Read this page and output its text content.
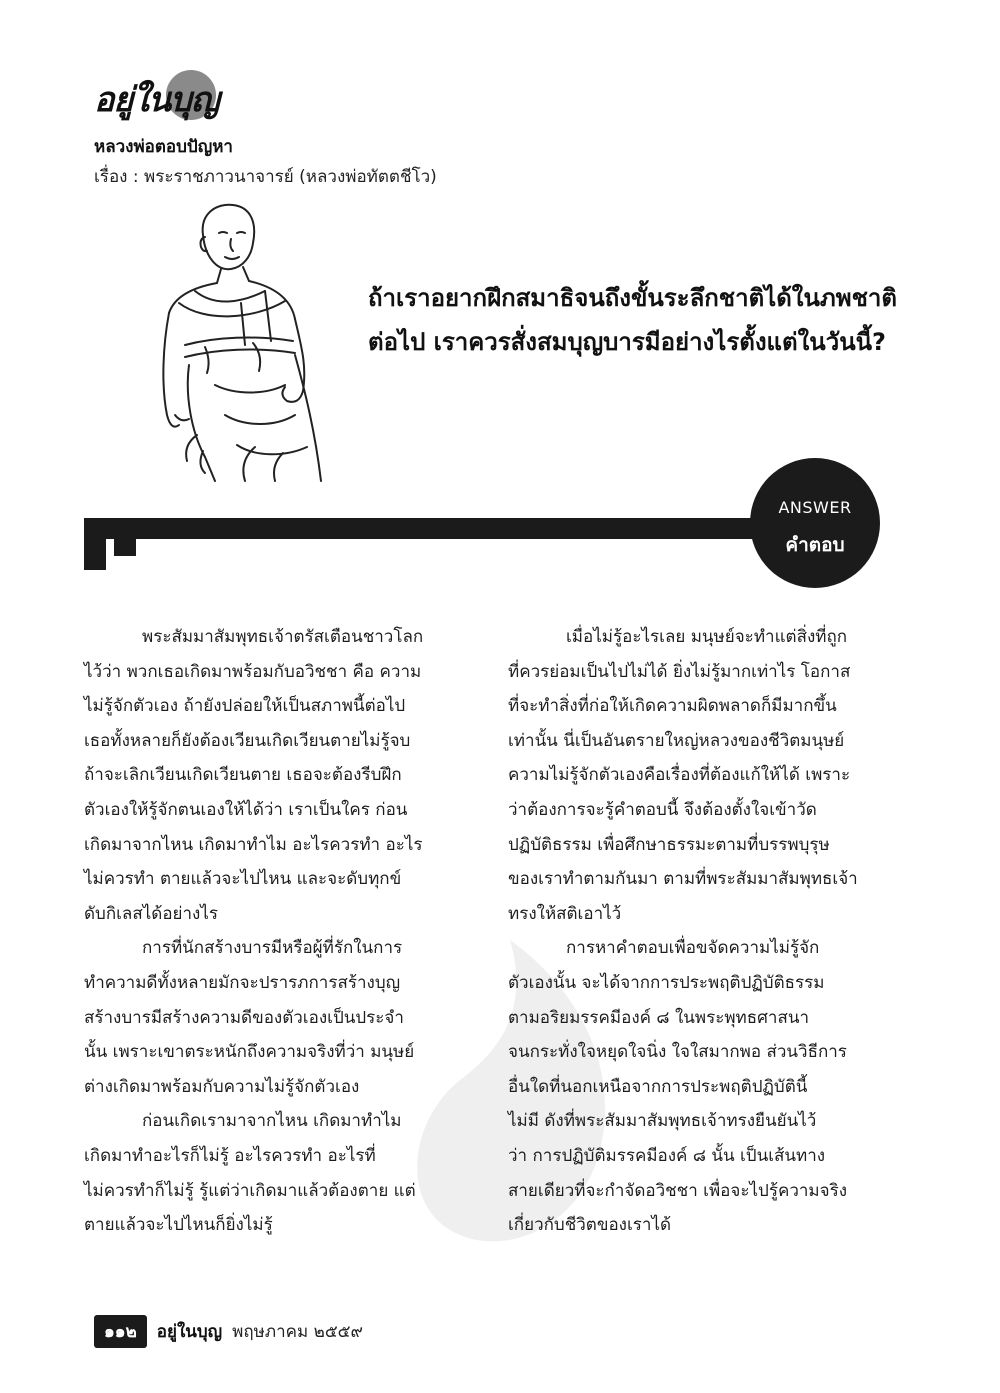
อยู่ในบุญ
หลวงพ่อตอบปัญหา
เรื่อง : พระราชภาวนาจารย์ (หลวงพ่อทัตตชีโว)
ถ้าเราอยากฝึกสมาธิจนถึงขั้นระลึกชาติได้ในภพชาติ
ต่อไป เราควรสั่งสมบุญบารมีอย่างไรตั้งแต่ในวันนี้?
ANSWER
คำตอบ

พระสัมมาสัมพุทธเจ้าตรัสเตือนชาวโลก
ไว้ว่า พวกเธอเกิดมาพร้อมกับอวิชชา คือ ความ
ไม่รู้จักตัวเอง ถ้ายังปล่อยให้เป็นสภาพนี้ต่อไป
เธอทั้งหลายก็ยังต้องเวียนเกิดเวียนตายไม่รู้จบ
ถ้าจะเลิกเวียนเกิดเวียนตาย เธอจะต้องรีบฝึก
ตัวเองให้รู้จักตนเองให้ได้ว่า เราเป็นใคร ก่อน
เกิดมาจากไหน เกิดมาทำไม อะไรควรทำ อะไร
ไม่ควรทำ ตายแล้วจะไปไหน และจะดับทุกข์
ดับกิเลสได้อย่างไร

การที่นักสร้างบารมีหรือผู้ที่รักในการ
ทำความดีทั้งหลายมักจะปรารภการสร้างบุญ
สร้างบารมีสร้างความดีของตัวเองเป็นประจำ
นั้น เพราะเขาตระหนักถึงความจริงที่ว่า มนุษย์
ต่างเกิดมาพร้อมกับความไม่รู้จักตัวเอง

ก่อนเกิดเรามาจากไหน เกิดมาทำไม
เกิดมาทำอะไรก็ไม่รู้ อะไรควรทำ อะไรที่
ไม่ควรทำก็ไม่รู้ รู้แต่ว่าเกิดมาแล้วต้องตาย แต่
ตายแล้วจะไปไหนก็ยิ่งไม่รู้

เมื่อไม่รู้อะไรเลย มนุษย์จะทำแต่สิ่งที่ถูก
ที่ควรย่อมเป็นไปไม่ได้ ยิ่งไม่รู้มากเท่าไร โอกาส
ที่จะทำสิ่งที่ก่อให้เกิดความผิดพลาดก็มีมากขึ้น
เท่านั้น นี่เป็นอันตรายใหญ่หลวงของชีวิตมนุษย์
ความไม่รู้จักตัวเองคือเรื่องที่ต้องแก้ให้ได้ เพราะ
ว่าต้องการจะรู้คำตอบนี้ จึงต้องตั้งใจเข้าวัด
ปฏิบัติธรรม เพื่อศึกษาธรรมะตามที่บรรพบุรุษ
ของเราทำตามกันมา ตามที่พระสัมมาสัมพุทธเจ้า
ทรงให้สติเอาไว้

การหาคำตอบเพื่อขจัดความไม่รู้จัก
ตัวเองนั้น จะได้จากการประพฤติปฏิบัติธรรม
ตามอริยมรรคมีองค์ ๘ ในพระพุทธศาสนา
จนกระทั่งใจหยุดใจนิ่ง ใจใสมากพอ ส่วนวิธีการ
อื่นใดที่นอกเหนือจากการประพฤติปฏิบัตินี้
ไม่มี ดังที่พระสัมมาสัมพุทธเจ้าทรงยืนยันไว้
ว่า การปฏิบัติมรรคมีองค์ ๘ นั้น เป็นเส้นทาง
สายเดียวที่จะกำจัดอวิชชา เพื่อจะไปรู้ความจริง
เกี่ยวกับชีวิตของเราได้

๑๑๒	อยู่ในบุญ พฤษภาคม ๒๕๕๙
